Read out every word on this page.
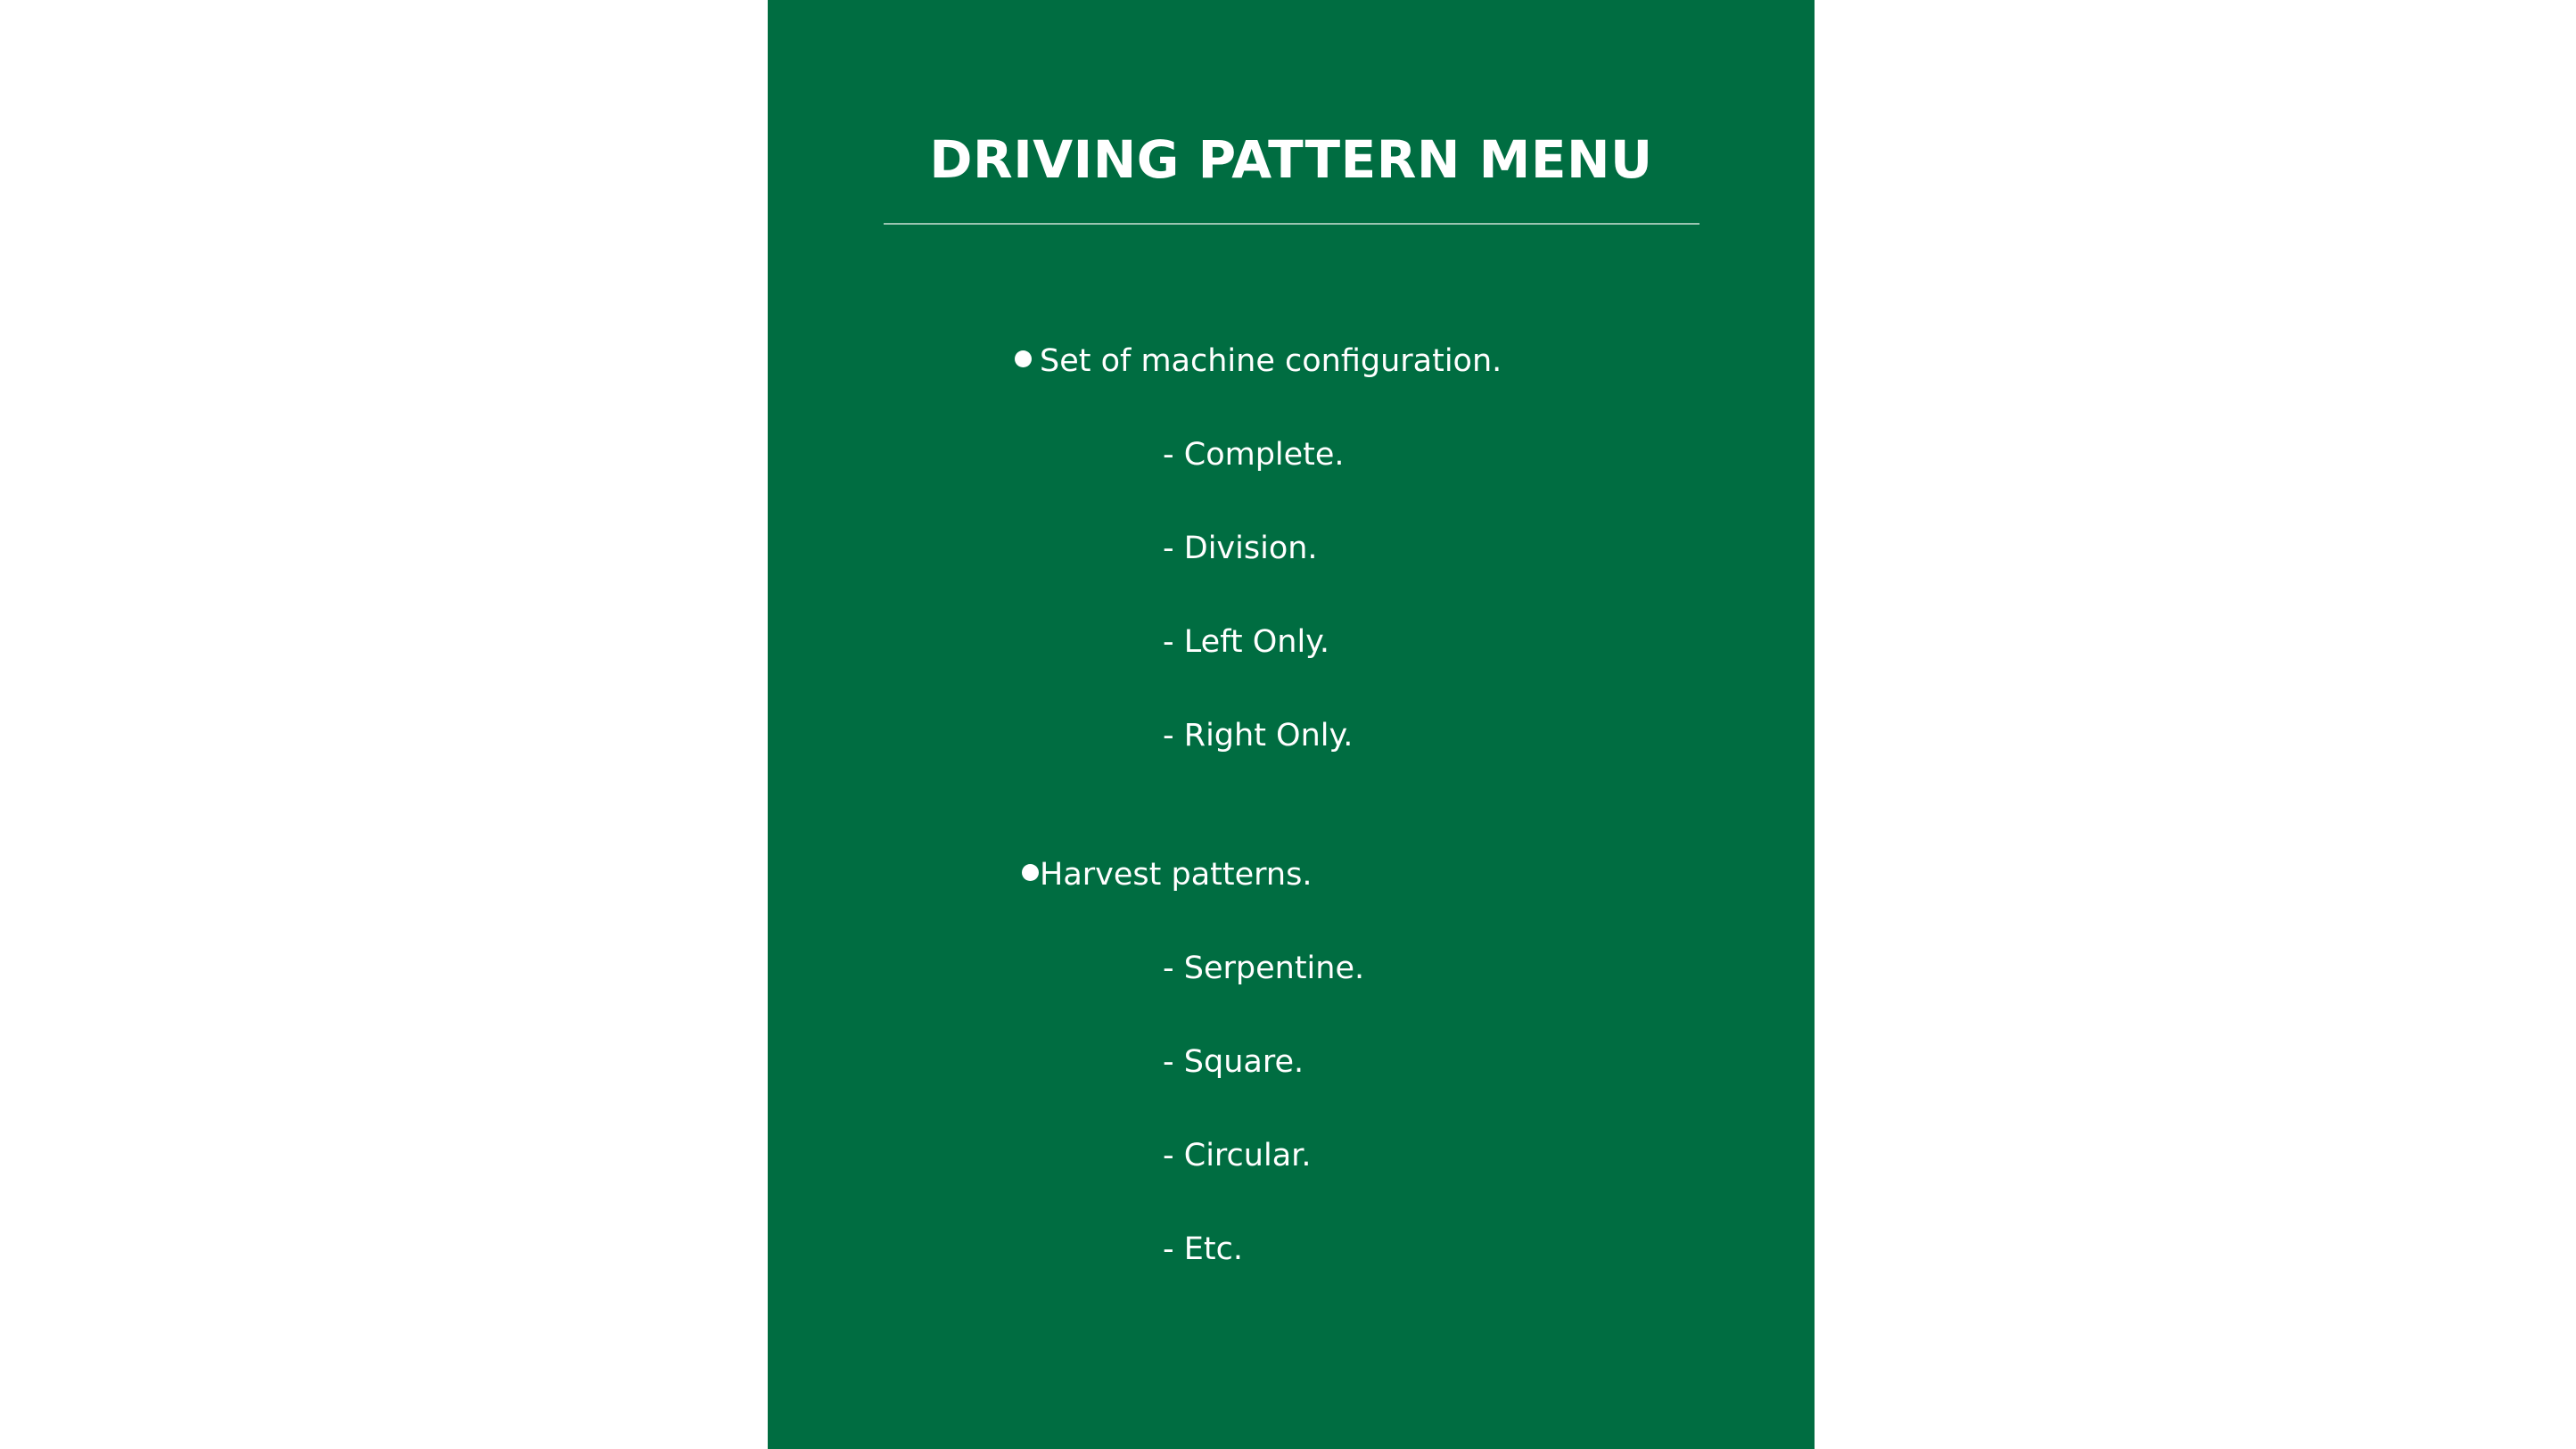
DRIVING PATTERN MENU
Set of machine configuration.
- Complete.
- Division.
- Left Only.
- Right Only.
Harvest patterns.
- Serpentine.
- Square.
- Circular.
- Etc.
